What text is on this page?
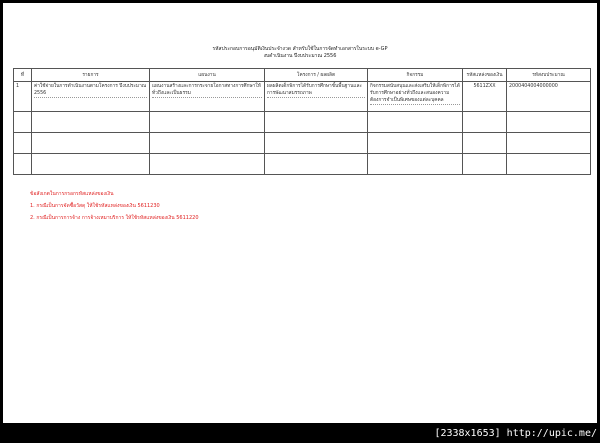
รหัสประกอบการอนุมัติเงินประจำงวด สำหรับใช้ในการจัดทำเอกสารในระบบ e-GP
งบดำเนินงาน ปีงบประมาณ 2556
ที่	รายการ	แผนงาน	โครงการ / ผลผลิต	กิจกรรม	รหัสแหล่งของเงิน	รหัสงบประมาณ
1	ค่าใช้จ่ายในการดำเนินงานตามโครงการ ปีงบประมาณ 2556	แผนงานสร้างและการกระจายโอกาสทางการศึกษาให้ทั่วถึงและเป็นธรรม	ผลผลิตเด็กพิการได้รับการศึกษาขั้นพื้นฐานและการพัฒนาสมรรถภาพ	กิจกรรมสนับสนุนและส่งเสริมให้เด็กพิการได้รับการศึกษาอย่างทั่วถึงและสนองความต้องการจำเป็นพิเศษของแต่ละบุคคล	5611ZXX	2000404004000000

ข้อสังเกตในการกรอกรหัสแหล่งของเงิน
1. กรณีเป็นการจัดซื้อวัสดุ ให้ใช้รหัสแหล่งของเงิน 5611230
2. กรณีเป็นการการจ้าง การจ้างเหมาบริการ ให้ใช้รหัสแหล่งของเงิน 5611220
[2338x1653] http://upic.me/
